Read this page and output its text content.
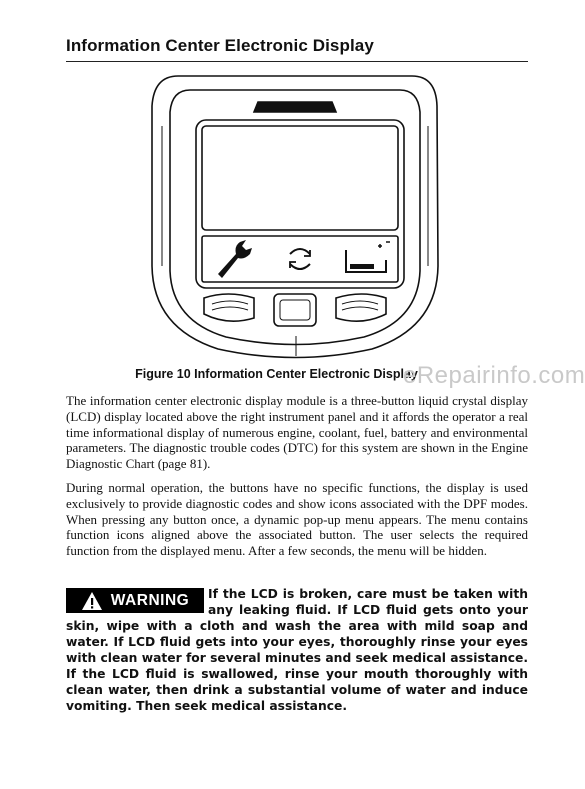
Information Center Electronic Display
Figure 10 Information Center Electronic Display
eRepairinfo.com

The information center electronic display module is a three-button liquid crystal display (LCD) display located above the right instrument panel and it affords the operator a real time informational display of numerous engine, coolant, fuel, battery and environmental parameters. The diagnostic trouble codes (DTC) for this system are shown in the Engine Diagnostic Chart (page 81).

During normal operation, the buttons have no specific functions, the display is used exclusively to provide diagnostic codes and show icons associated with the DPF modes. When pressing any button once, a dynamic pop-up menu appears. The menu contains function icons aligned above the associated button. The user selects the required function from the displayed menu. After a few seconds, the menu will be hidden.

WARNING	If the LCD is broken, care must be taken with any leaking fluid. If LCD fluid gets onto your skin, wipe with a cloth and wash the area with mild soap and water. If LCD fluid gets into your eyes, thoroughly rinse your eyes with clean water for several minutes and seek medical assistance. If the LCD fluid is swallowed, rinse your mouth thoroughly with clean water, then drink a substantial volume of water and induce vomiting. Then seek medical assistance.
